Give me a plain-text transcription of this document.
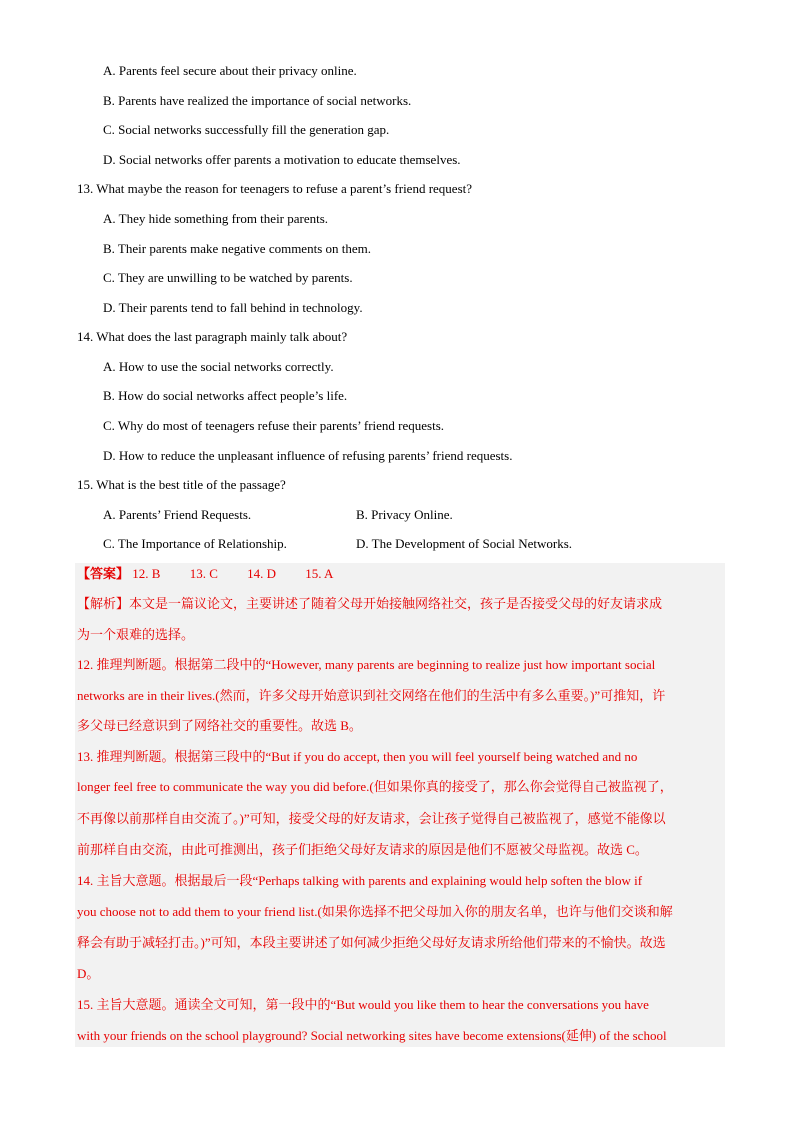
A. Parents feel secure about their privacy online.
B. Parents have realized the importance of social networks.
C. Social networks successfully fill the generation gap.
D. Social networks offer parents a motivation to educate themselves.
13. What maybe the reason for teenagers to refuse a parent’s friend request?
A. They hide something from their parents.
B. Their parents make negative comments on them.
C. They are unwilling to be watched by parents.
D. Their parents tend to fall behind in technology.
14. What does the last paragraph mainly talk about?
A. How to use the social networks correctly.
B. How do social networks affect people’s life.
C. Why do most of teenagers refuse their parents’ friend requests.
D. How to reduce the unpleasant influence of refusing parents’ friend requests.
15. What is the best title of the passage?
A. Parents’ Friend Requests.	B. Privacy Online.
C. The Importance of Relationship.	D. The Development of Social Networks.
【答案】 12. B 13. C 14. D 15. A
【解析】本文是一篇议论文，主要讲述了随着父母开始接触网络社交，孩子是否接受父母的好友请求成
为一个艰难的选择。
12. 推理判断题。根据第二段中的“However, many parents are beginning to realize just how important social
networks are in their lives.(然而，许多父母开始意识到社交网络在他们的生活中有多么重要。)”可推知，许
多父母已经意识到了网络社交的重要性。故选 B。
13. 推理判断题。根据第三段中的“But if you do accept, then you will feel yourself being watched and no
longer feel free to communicate the way you did before.(但如果你真的接受了，那么你会觉得自己被监视了，
不再像以前那样自由交流了。)”可知，接受父母的好友请求，会让孩子觉得自己被监视了，感觉不能像以
前那样自由交流，由此可推测出，孩子们拒绝父母好友请求的原因是他们不愿被父母监视。故选 C。
14. 主旨大意题。根据最后一段“Perhaps talking with parents and explaining would help soften the blow if
you choose not to add them to your friend list.(如果你选择不把父母加入你的朋友名单，也许与他们交谈和解
释会有助于减轻打击。)”可知，本段主要讲述了如何减少拒绝父母好友请求所给他们带来的不愉快。故选
D。
15. 主旨大意题。通读全文可知，第一段中的“But would you like them to hear the conversations you have
with your friends on the school playground? Social networking sites have become extensions(延伸) of the school
